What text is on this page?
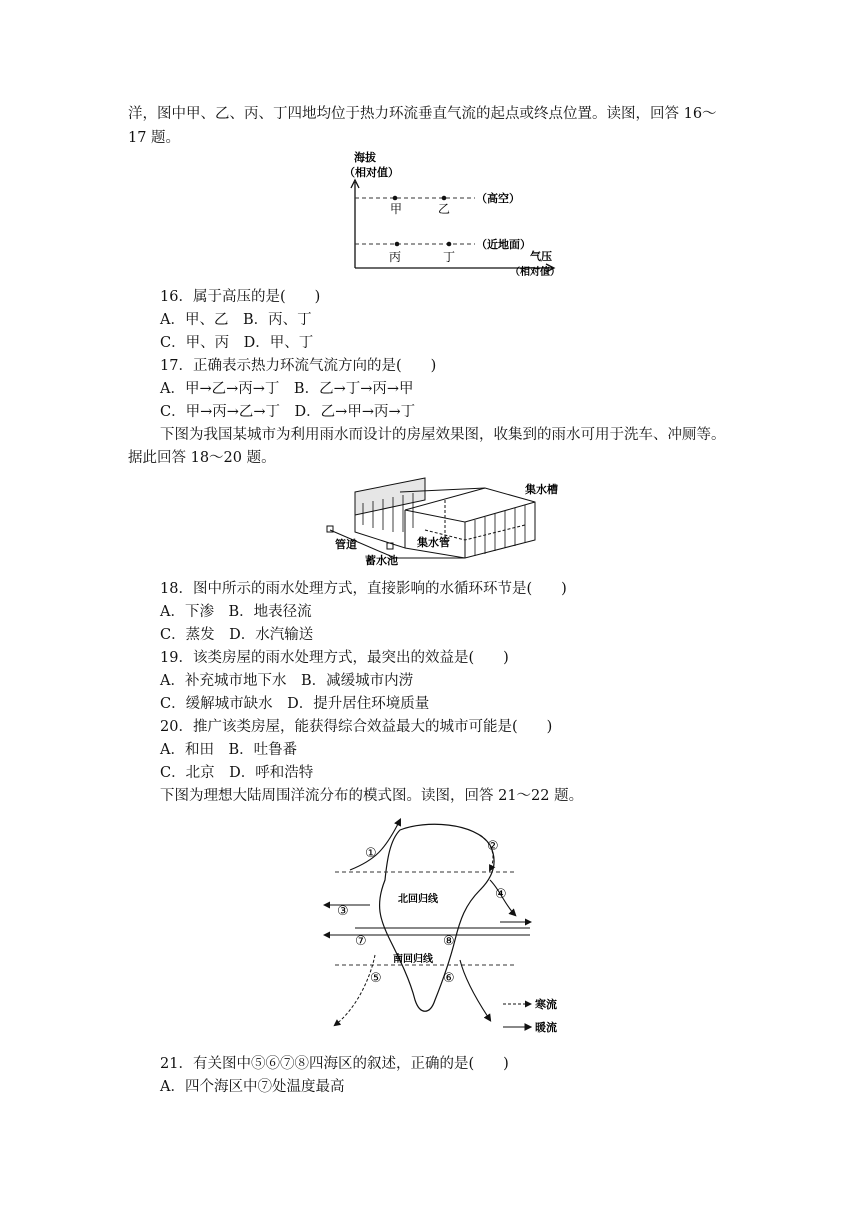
洋，图中甲、乙、丙、丁四地均位于热力环流垂直气流的起点或终点位置。读图，回答 16～
17 题。
海拔
（相对值）
（高空）
（近地面）
甲	乙
丙	丁	气压
（相对值）
16．属于高压的是(　　)
A．甲、乙　B．丙、丁
C．甲、丙　D．甲、丁
17．正确表示热力环流气流方向的是(　　)
A．甲→乙→丙→丁　B．乙→丁→丙→甲
C．甲→丙→乙→丁　D．乙→甲→丙→丁
下图为我国某城市为利用雨水而设计的房屋效果图，收集到的雨水可用于洗车、冲厕等。
据此回答 18～20 题。
集水槽
集水管
管道
蓄水池
18．图中所示的雨水处理方式，直接影响的水循环环节是(　　)
A．下渗　B．地表径流
C．蒸发　D．水汽输送
19．该类房屋的雨水处理方式，最突出的效益是(　　)
A．补充城市地下水　B．减缓城市内涝
C．缓解城市缺水　D．提升居住环境质量
20．推广该类房屋，能获得综合效益最大的城市可能是(　　)
A．和田　B．吐鲁番
C．北京　D．呼和浩特
下图为理想大陆周围洋流分布的模式图。读图，回答 21～22 题。
北回归线
南回归线
①	②
③
④
⑤	⑥
⑦	⑧
寒流
暖流
21．有关图中⑤⑥⑦⑧四海区的叙述，正确的是(　　)
A．四个海区中⑦处温度最高
